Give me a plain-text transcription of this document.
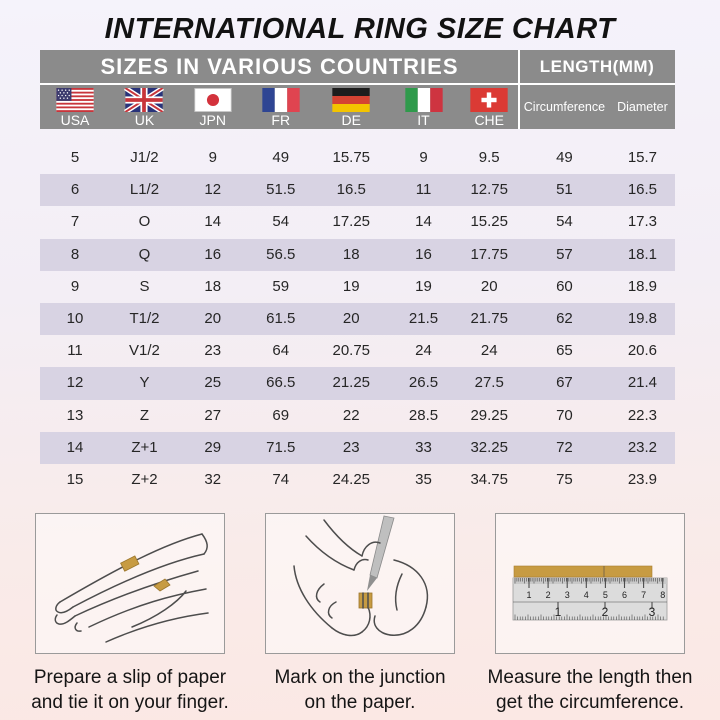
INTERNATIONAL RING SIZE CHART
SIZES IN VARIOUS COUNTRIES	LENGTH(MM)
USA	UK	JPN	FR	DE	IT	CHE
Circumference Diameter
5	J1/2	9	49	15.75	9	9.5	49	15.7
6	L1/2	12	51.5	16.5	11	12.75	51	16.5
7	O	14	54	17.25	14	15.25	54	17.3
8	Q	16	56.5	18	16	17.75	57	18.1
9	S	18	59	19	19	20	60	18.9
10	T1/2	20	61.5	20	21.5	21.75	62	19.8
11	V1/2	23	64	20.75	24	24	65	20.6
12	Y	25	66.5	21.25	26.5	27.5	67	21.4
13	Z	27	69	22	28.5	29.25	70	22.3
14	Z+1	29	71.5	23	33	32.25	72	23.2
15	Z+2	32	74	24.25	35	34.75	75	23.9
Prepare a slip of paper
and tie it on your finger.
Mark on the junction
on the paper.
1 2 3 4 5 6 7 8
1	2	3
Measure the length then
get the circumference.
